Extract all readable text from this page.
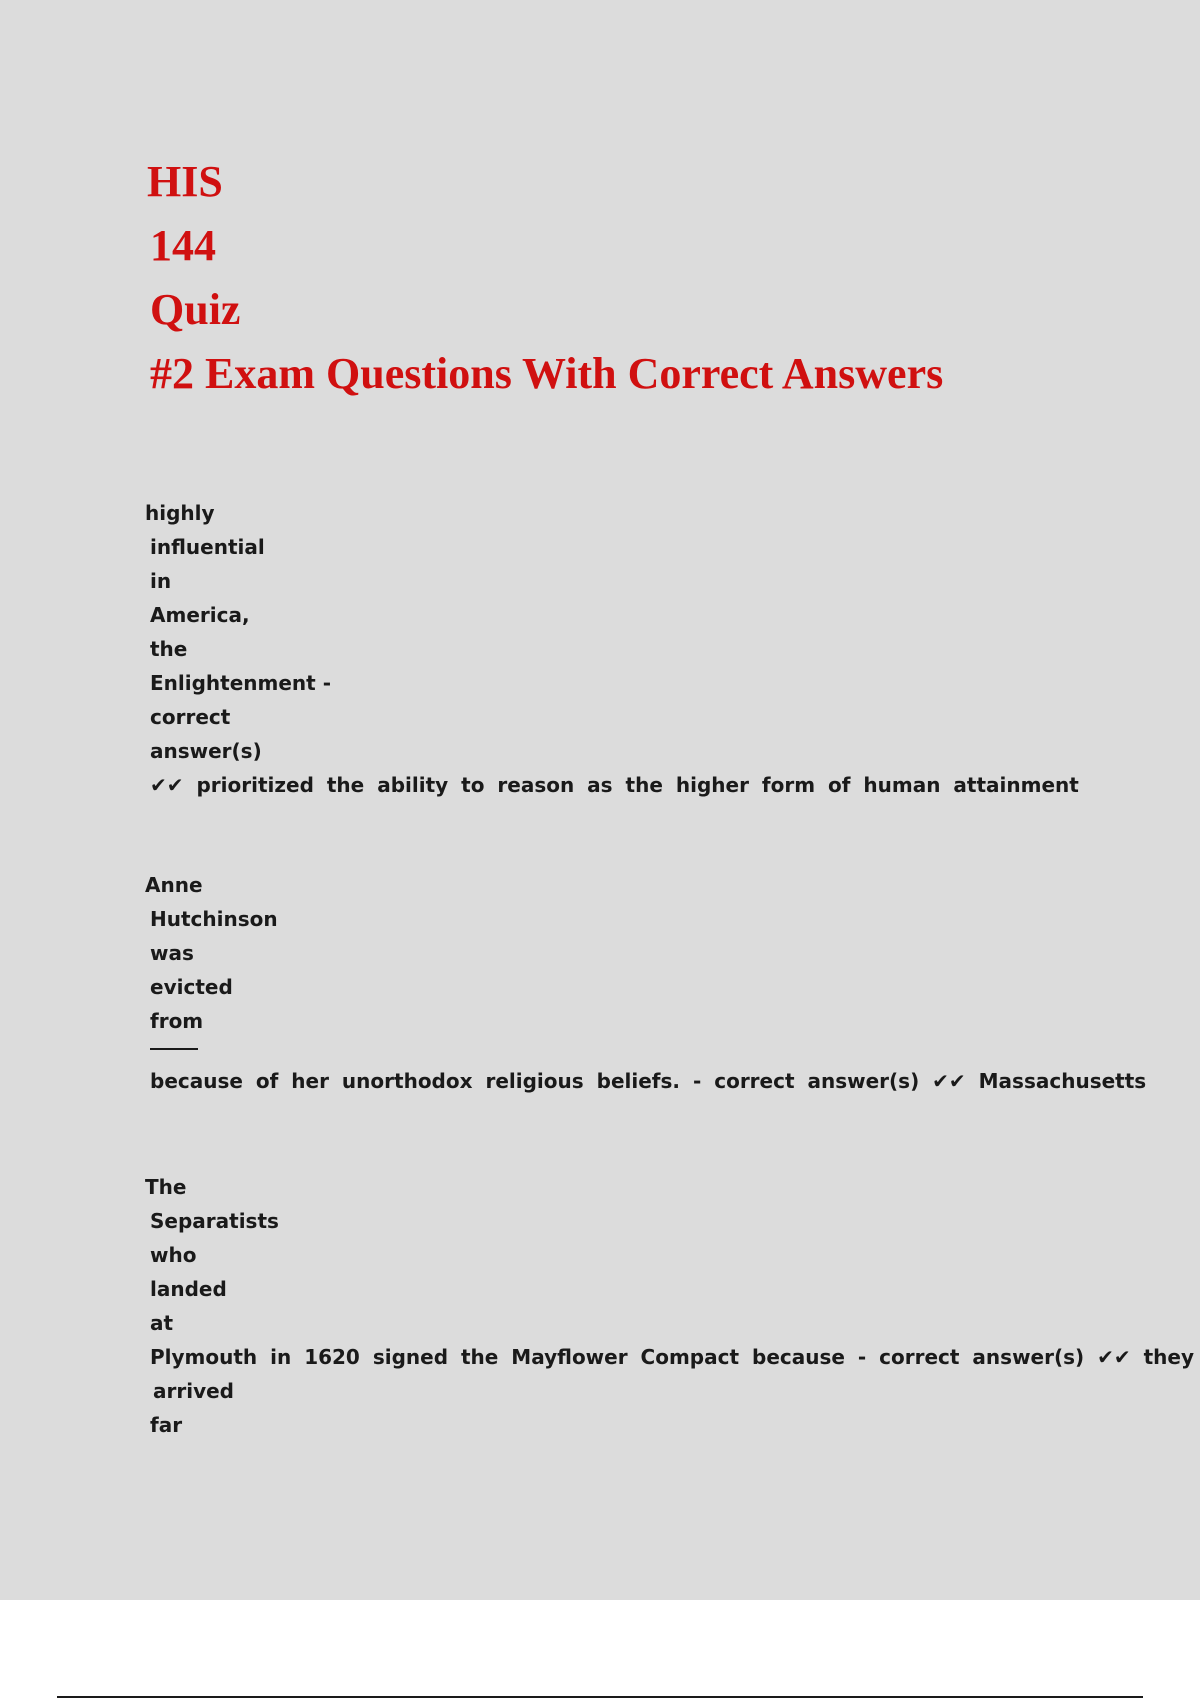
HIS
144
Quiz
#2 Exam Questions With Correct Answers
highly
influential
in
America,
the
Enlightenment -
correct
answer(s)
✔✔ prioritized the ability to reason as the higher form of human attainment
Anne
Hutchinson
was
evicted
from
because of her unorthodox religious beliefs. - correct answer(s) ✔✔ Massachusetts
The
Separatists
who
landed
at
Plymouth in 1620 signed the Mayflower Compact because - correct answer(s) ✔✔ they
arrived
far
